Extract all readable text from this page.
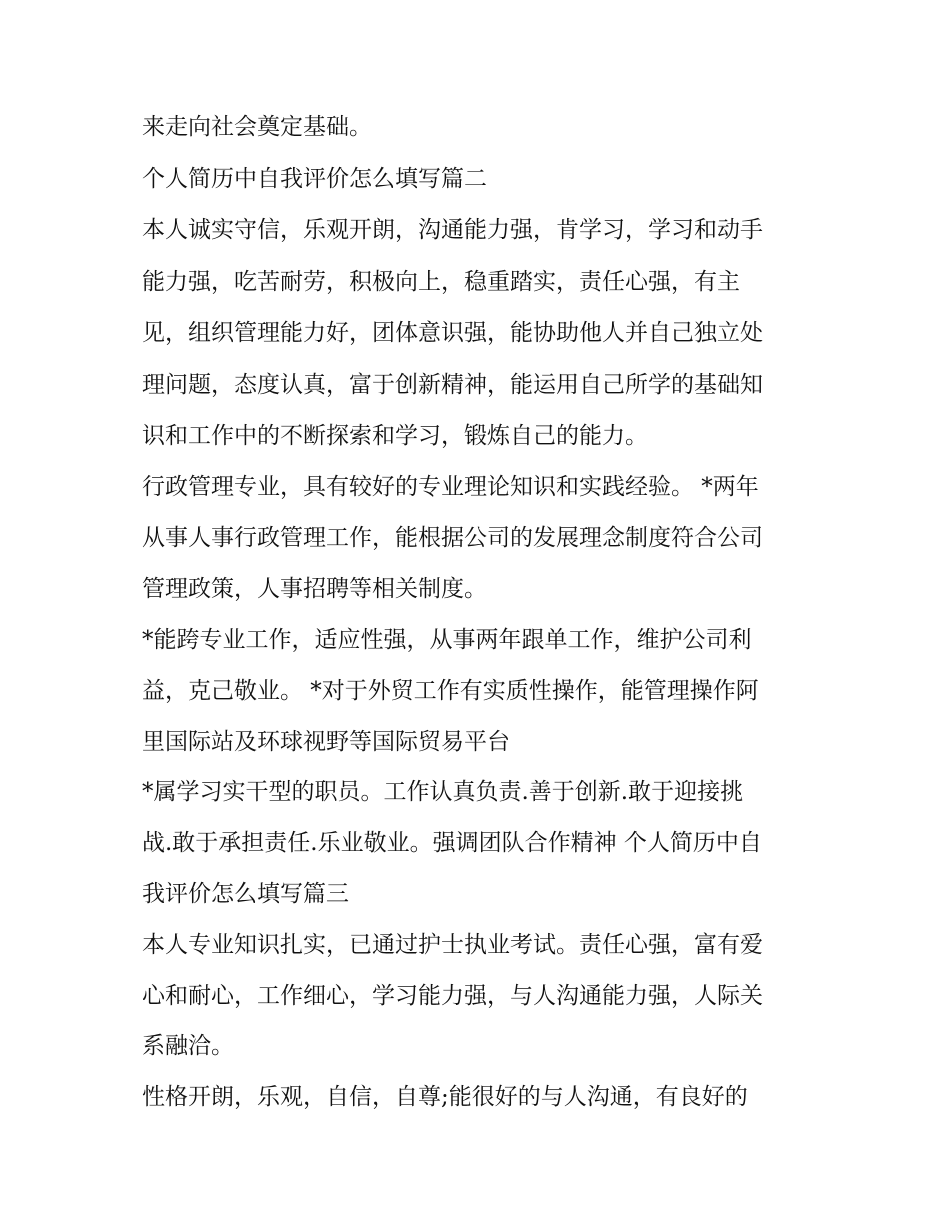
来走向社会奠定基础。
个人简历中自我评价怎么填写篇二
本人诚实守信，乐观开朗，沟通能力强，肯学习，学习和动手
能力强，吃苦耐劳，积极向上，稳重踏实，责任心强，有主
见，组织管理能力好，团体意识强，能协助他人并自己独立处
理问题，态度认真，富于创新精神，能运用自己所学的基础知
识和工作中的不断探索和学习，锻炼自己的能力。
行政管理专业，具有较好的专业理论知识和实践经验。 *两年
从事人事行政管理工作，能根据公司的发展理念制度符合公司
管理政策，人事招聘等相关制度。
*能跨专业工作，适应性强，从事两年跟单工作，维护公司利
益，克己敬业。 *对于外贸工作有实质性操作，能管理操作阿
里国际站及环球视野等国际贸易平台
*属学习实干型的职员。工作认真负责.善于创新.敢于迎接挑
战.敢于承担责任.乐业敬业。强调团队合作精神 个人简历中自
我评价怎么填写篇三
本人专业知识扎实，已通过护士执业考试。责任心强，富有爱
心和耐心，工作细心，学习能力强，与人沟通能力强，人际关
系融洽。
性格开朗，乐观，自信，自尊;能很好的与人沟通，有良好的
